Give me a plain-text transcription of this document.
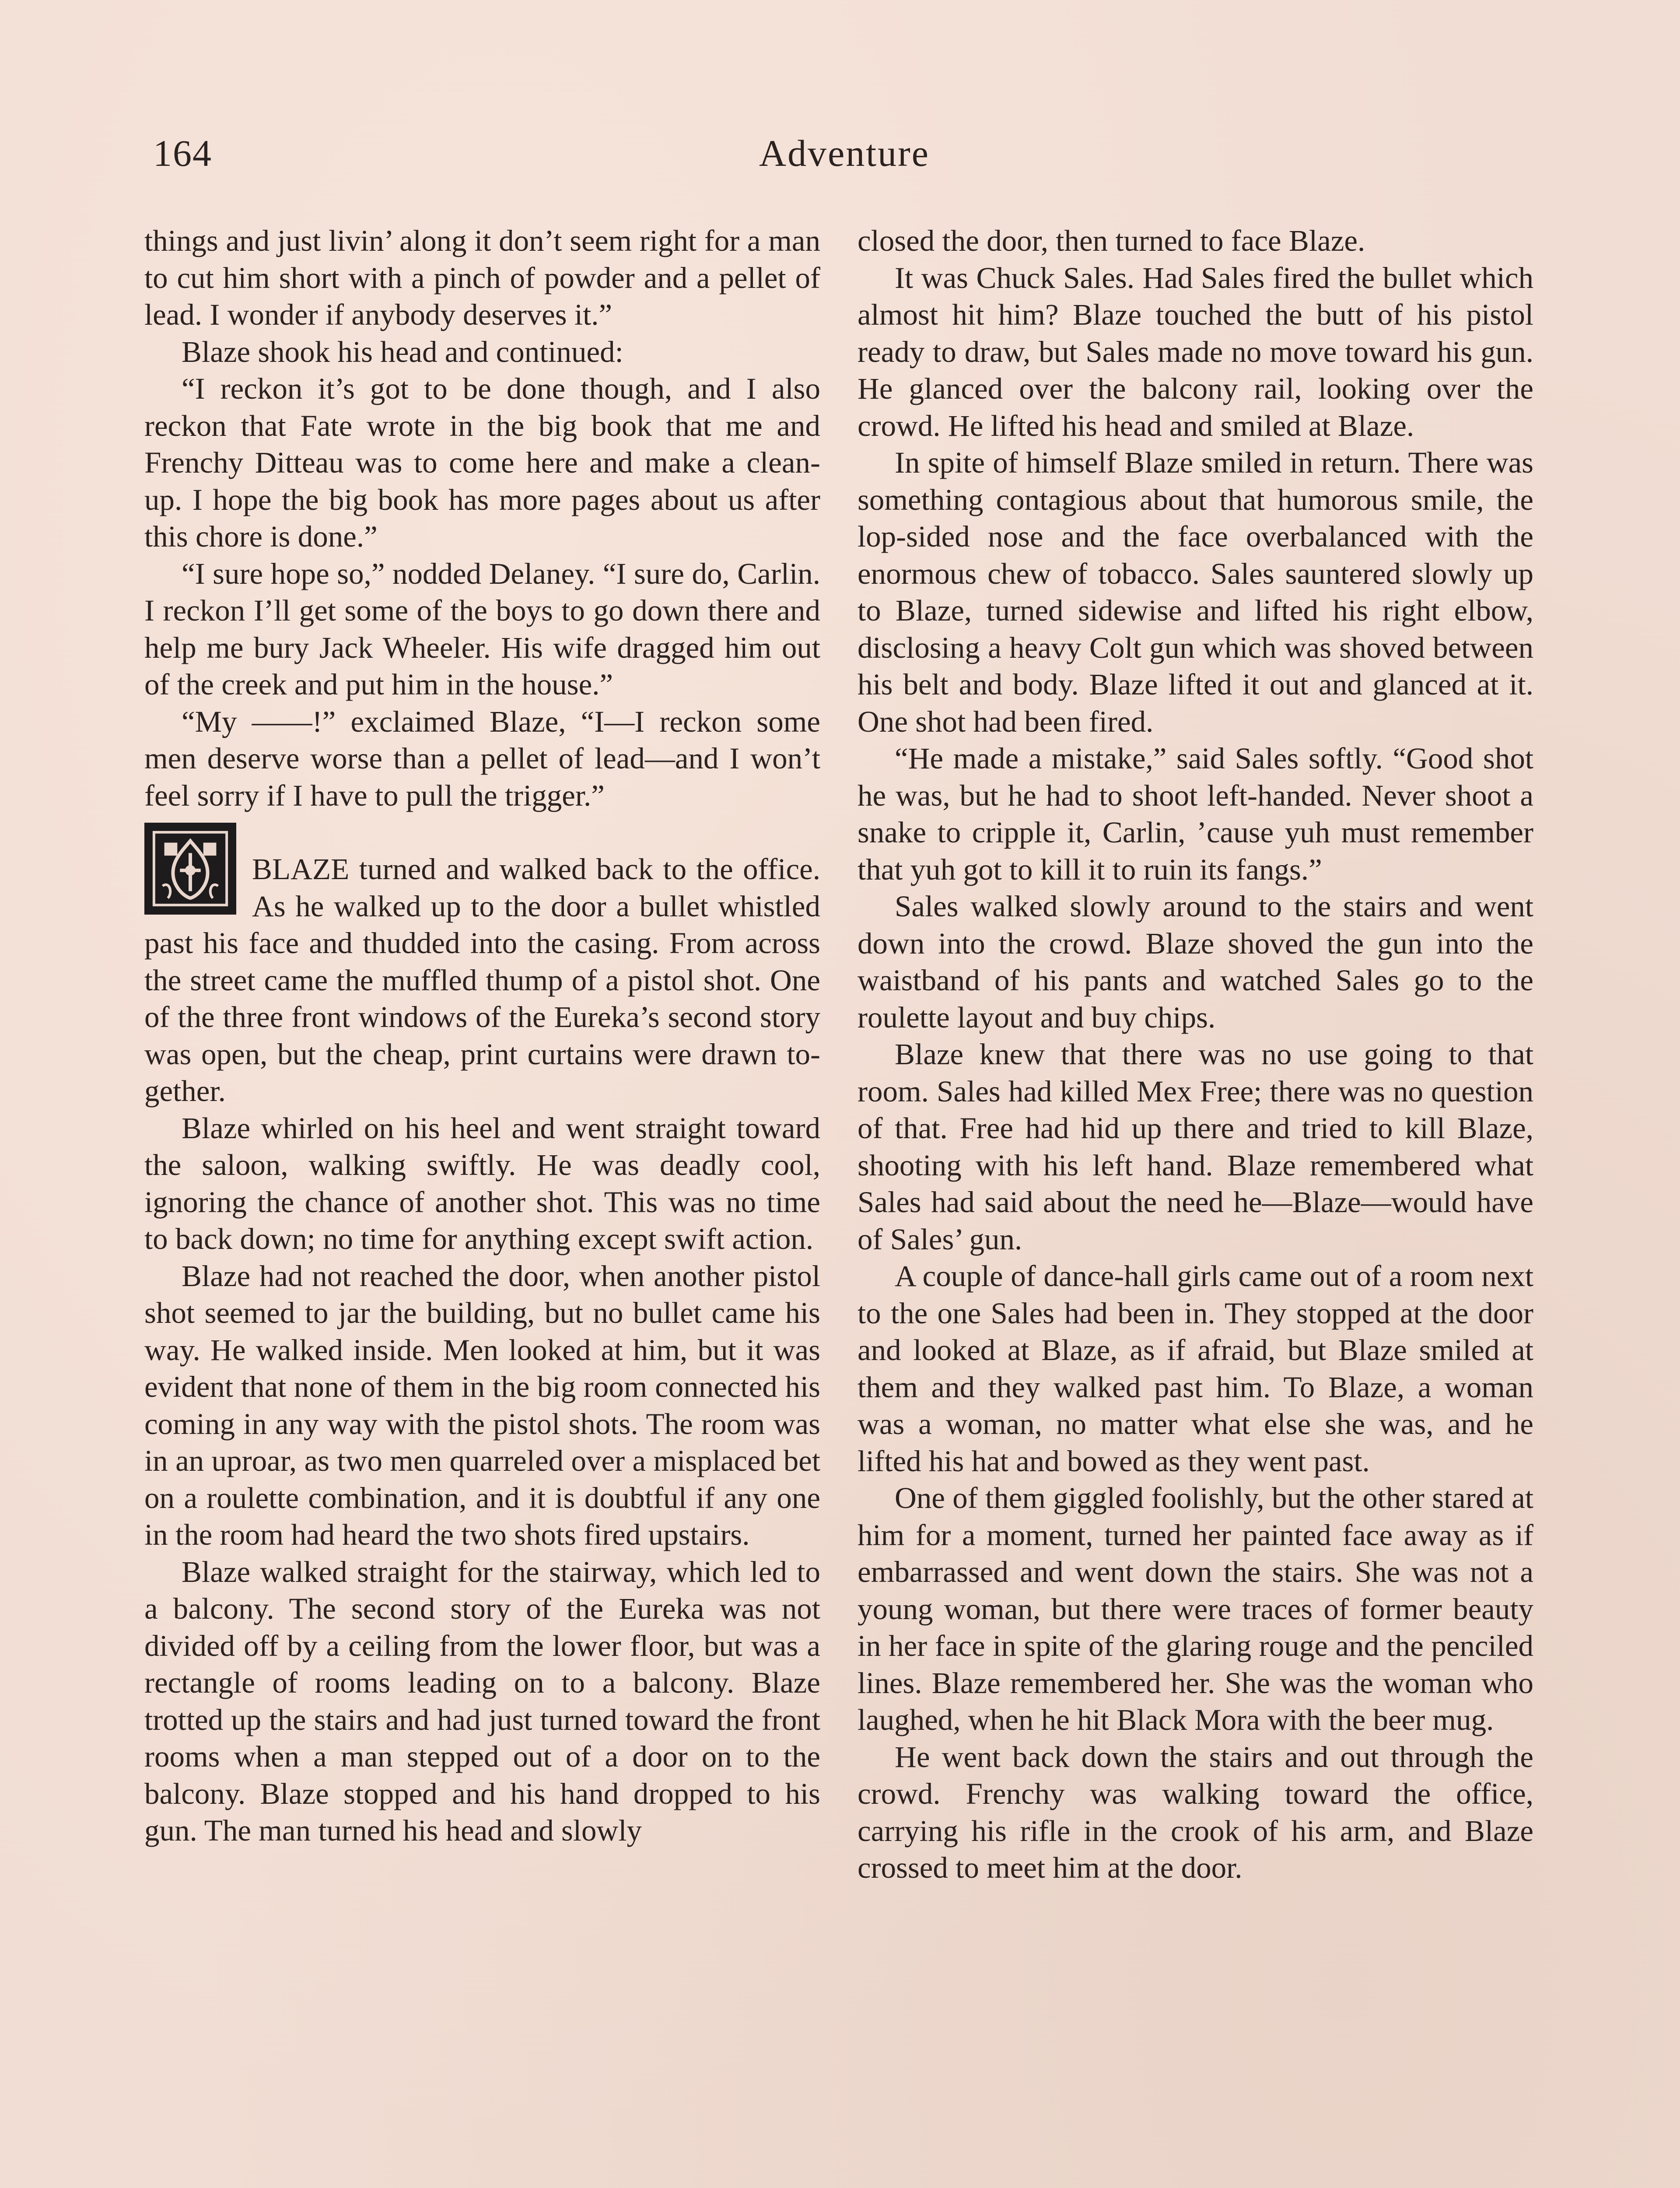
164	Adventure

things and just livin’ along it don’t seem right for a man to cut him short with a pinch of powder and a pellet of lead. I wonder if anybody deserves it.”

Blaze shook his head and continued:

“I reckon it’s got to be done though, and I also reckon that Fate wrote in the big book that me and Frenchy Ditteau was to come here and make a clean-up. I hope the big book has more pages about us after this chore is done.”

“I sure hope so,” nodded Delaney. “I sure do, Carlin. I reckon I’ll get some of the boys to go down there and help me bury Jack Wheeler. His wife dragged him out of the creek and put him in the house.”

“My ——!” exclaimed Blaze, “I—I reckon some men deserve worse than a pellet of lead—and I won’t feel sorry if I have to pull the trigger.”

BLAZE turned and walked back to the office. As he walked up to the door a bullet whistled past his face and thudded into the casing. From across the street came the muffled thump of a pistol shot. One of the three front windows of the Eureka’s second story was open, but the cheap, print curtains were drawn together.

Blaze whirled on his heel and went straight toward the saloon, walking swiftly. He was deadly cool, ignoring the chance of another shot. This was no time to back down; no time for anything except swift action.

Blaze had not reached the door, when another pistol shot seemed to jar the building, but no bullet came his way. He walked inside. Men looked at him, but it was evident that none of them in the big room connected his coming in any way with the pistol shots. The room was in an uproar, as two men quarreled over a misplaced bet on a roulette combination, and it is doubtful if any one in the room had heard the two shots fired upstairs.

Blaze walked straight for the stairway, which led to a balcony. The second story of the Eureka was not divided off by a ceiling from the lower floor, but was a rectangle of rooms leading on to a balcony. Blaze trotted up the stairs and had just turned toward the front rooms when a man stepped out of a door on to the balcony. Blaze stopped and his hand dropped to his gun. The man turned his head and slowly

closed the door, then turned to face Blaze.

It was Chuck Sales. Had Sales fired the bullet which almost hit him? Blaze touched the butt of his pistol ready to draw, but Sales made no move toward his gun. He glanced over the balcony rail, looking over the crowd. He lifted his head and smiled at Blaze.

In spite of himself Blaze smiled in return. There was something contagious about that humorous smile, the lop-sided nose and the face overbalanced with the enormous chew of tobacco. Sales sauntered slowly up to Blaze, turned sidewise and lifted his right elbow, disclosing a heavy Colt gun which was shoved between his belt and body. Blaze lifted it out and glanced at it. One shot had been fired.

“He made a mistake,” said Sales softly. “Good shot he was, but he had to shoot left-handed. Never shoot a snake to cripple it, Carlin, ’cause yuh must remember that yuh got to kill it to ruin its fangs.”

Sales walked slowly around to the stairs and went down into the crowd. Blaze shoved the gun into the waistband of his pants and watched Sales go to the roulette layout and buy chips.

Blaze knew that there was no use going to that room. Sales had killed Mex Free; there was no question of that. Free had hid up there and tried to kill Blaze, shooting with his left hand. Blaze remembered what Sales had said about the need he—Blaze—would have of Sales’ gun.

A couple of dance-hall girls came out of a room next to the one Sales had been in. They stopped at the door and looked at Blaze, as if afraid, but Blaze smiled at them and they walked past him. To Blaze, a woman was a woman, no matter what else she was, and he lifted his hat and bowed as they went past.

One of them giggled foolishly, but the other stared at him for a moment, turned her painted face away as if embarrassed and went down the stairs. She was not a young woman, but there were traces of former beauty in her face in spite of the glaring rouge and the penciled lines. Blaze remembered her. She was the woman who laughed, when he hit Black Mora with the beer mug.

He went back down the stairs and out through the crowd. Frenchy was walking toward the office, carrying his rifle in the crook of his arm, and Blaze crossed to meet him at the door.
